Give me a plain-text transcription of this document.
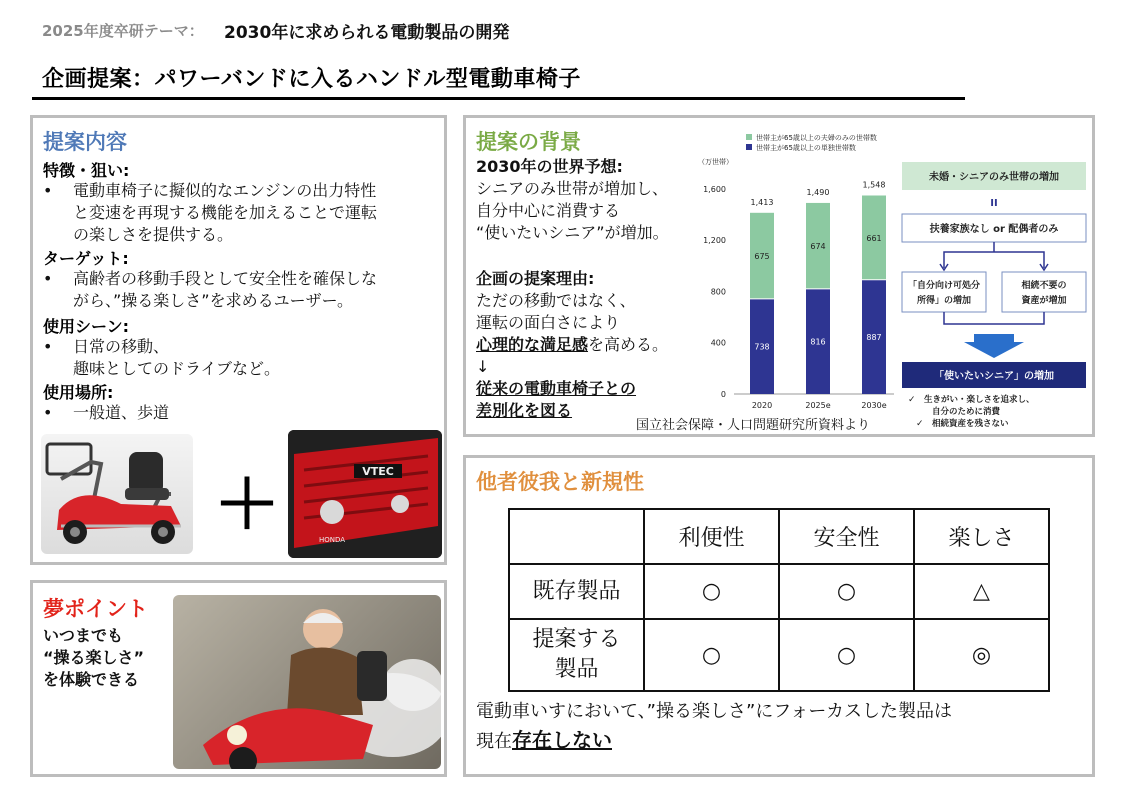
2025年度卒研テーマ： 2030年に求められる電動製品の開発
企画提案：パワーバンドに入るハンドル型電動車椅子
提案内容
特徴・狙い:
• 電動車椅子に擬似的なエンジンの出力特性
と変速を再現する機能を加えることで運転
の楽しさを提供する。
ターゲット:
• 高齢者の移動手段として安全性を確保しな
がら、”操る楽しさ”を求めるユーザー。
使用シーン:
• 日常の移動、
趣味としてのドライブなど。
使用場所:
• 一般道、歩道
＋	VTEC
HONDA
夢ポイント
いつまでも
“操る楽しさ”
を体験できる
提案の背景
2030年の世界予想:
シニアのみ世帯が増加し、
自分中心に消費する
“使いたいシニア”が増加。
企画の提案理由:
ただの移動ではなく、
運転の面白さにより
心理的な満足感を高める。
↓
従来の電動車椅子との
差別化を図る
世帯主が65歳以上の夫婦のみの世帯数
世帯主が65歳以上の単独世帯数
（万世帯）
0
400
800
1,200
1,600
738
675
1,413
2020
816
674
1,490
2025e
887
661
1,548
2030e
未婚・シニアのみ世帯の増加
II
扶養家族なし or 配偶者のみ
「自分向け可処分
所得」の増加
相続不要の
資産が増加
「使いたいシニア」の増加
✓ 生きがい・楽しさを追求し、
自分のために消費
✓ 相続資産を残さない
国立社会保障・人口問題研究所資料より
他者彼我と新規性
	利便性	安全性	楽しさ
既存製品	○	○	△

提案する
製品	○	○	◎
電動車いすにおいて、”操る楽しさ”にフォーカスした製品は
現在存在しない
